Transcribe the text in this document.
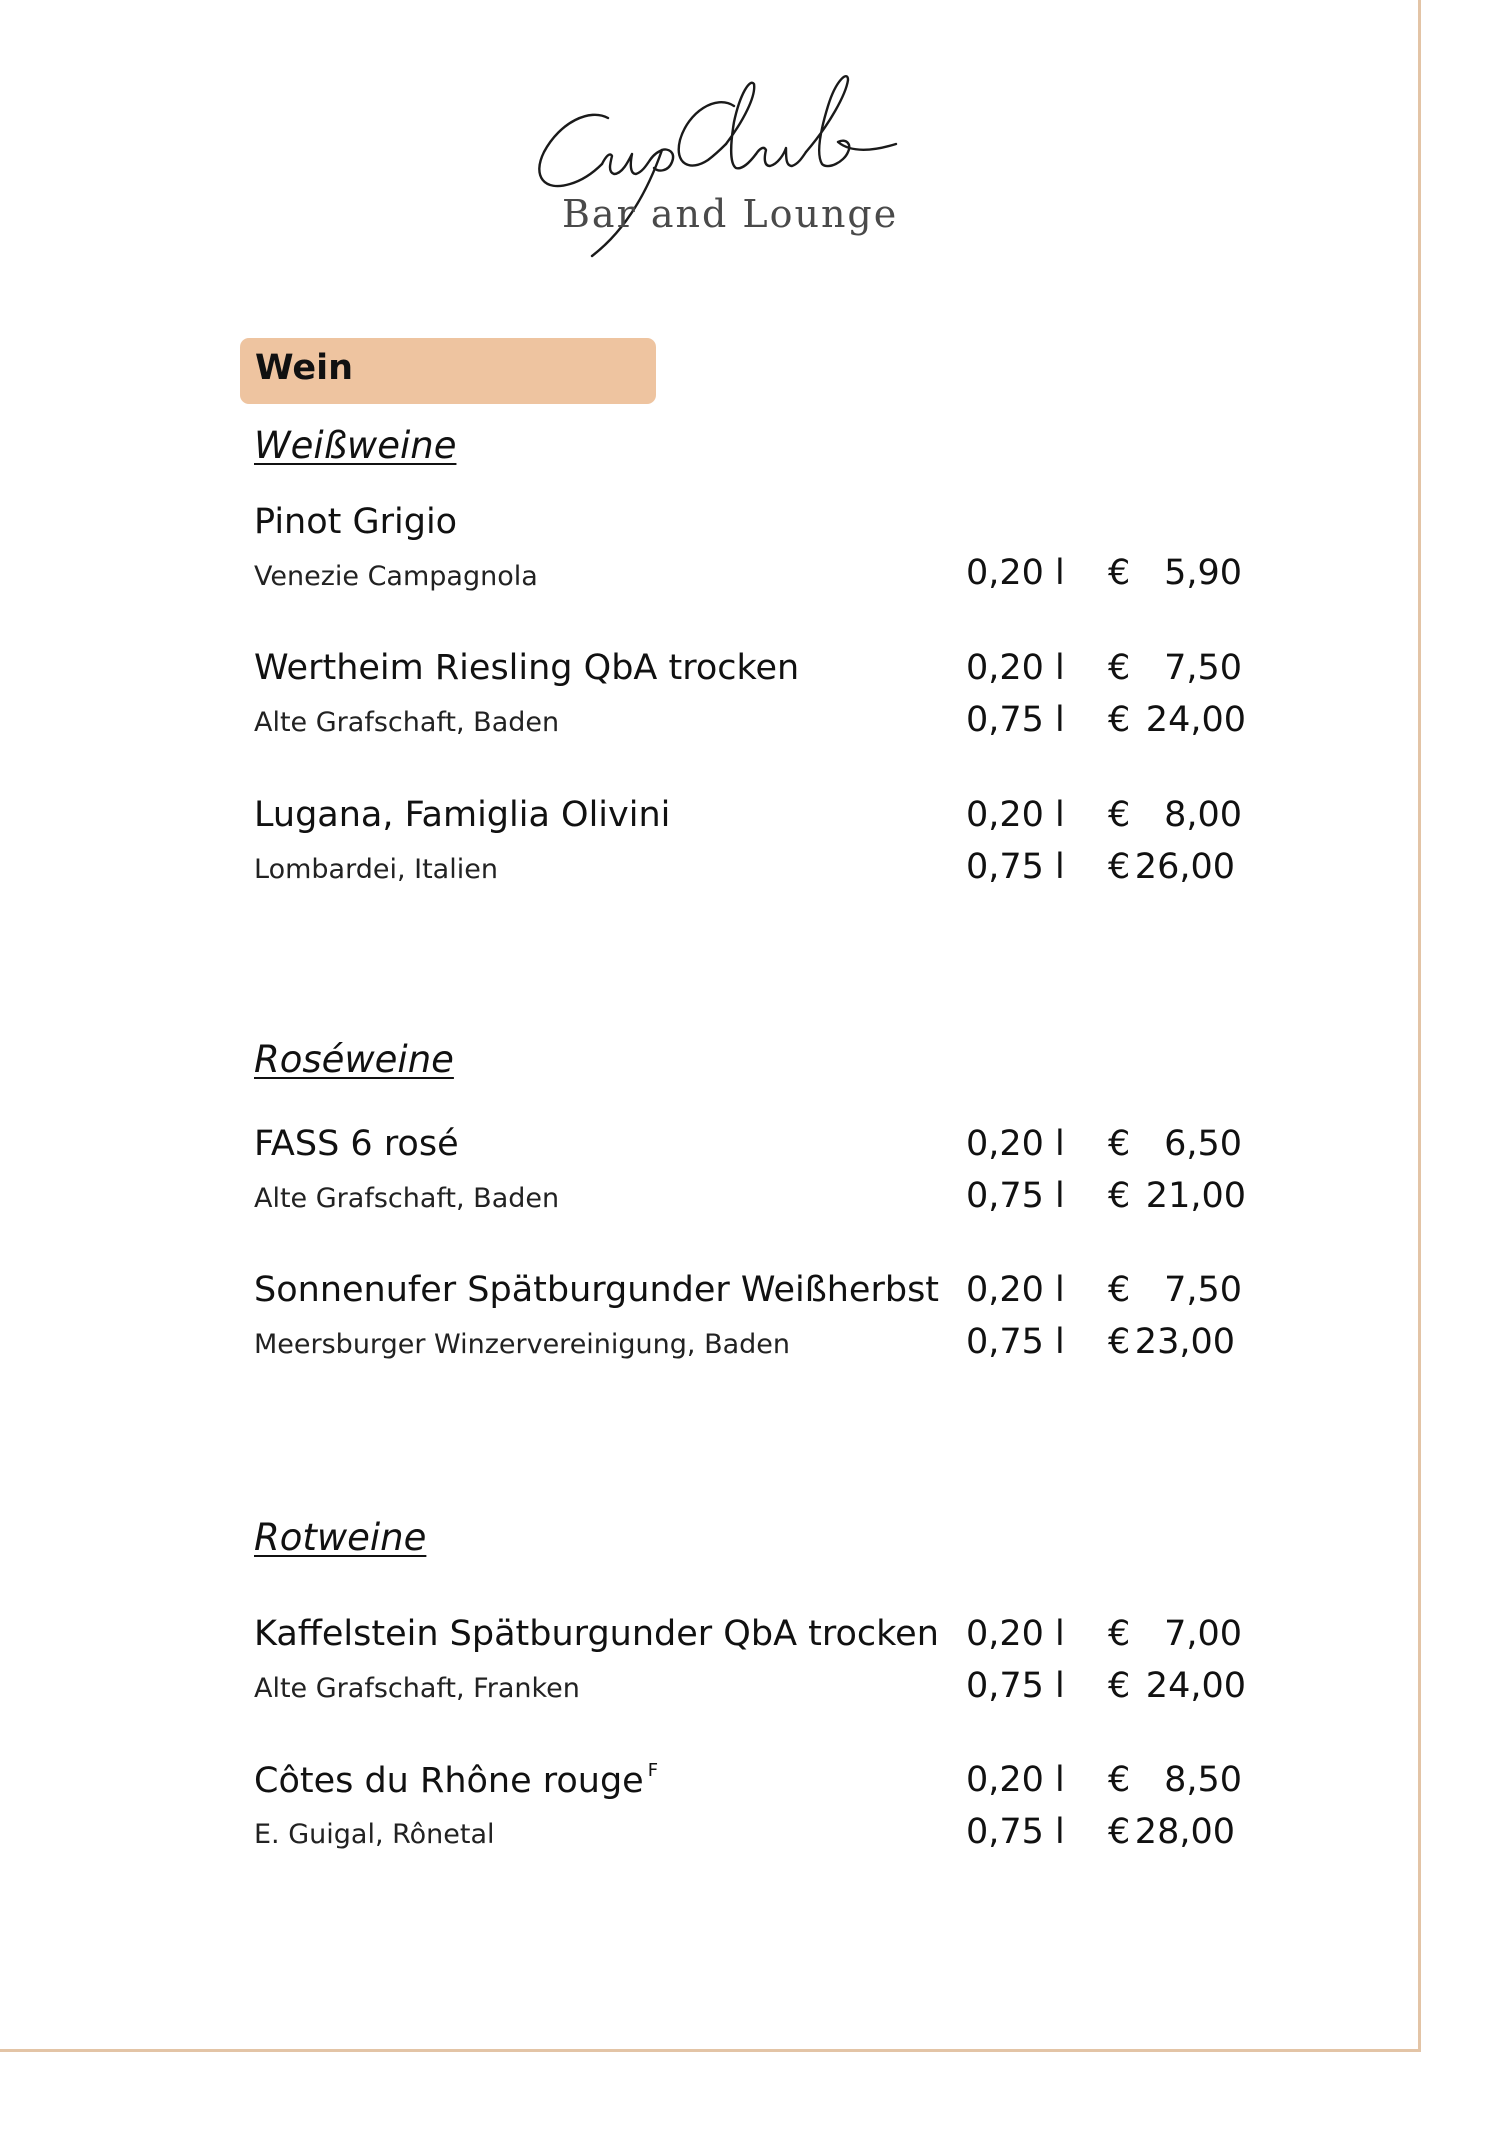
Bar and Lounge
Wein
Weißweine
Pinot Grigio
Venezie Campagnola	0,20 l € 5,90
Wertheim Riesling QbA trocken
Alte Grafschaft, Baden
0,20 l € 7,50
0,75 l € 24,00
Lugana, Famiglia Olivini
Lombardei, Italien
0,20 l € 8,00
0,75 l € 26,00
Roséweine
FASS 6 rosé
Alte Grafschaft, Baden
0,20 l € 6,50
0,75 l € 21,00
Sonnenufer Spätburgunder Weißherbst
Meersburger Winzervereinigung, Baden
0,20 l € 7,50
0,75 l € 23,00
Rotweine
Kaffelstein Spätburgunder QbA trocken
Alte Grafschaft, Franken
0,20 l € 7,00
0,75 l € 24,00
Côtes du Rhône rouge $^F$
E. Guigal, Rônetal
0,20 l € 8,50
0,75 l € 28,00
